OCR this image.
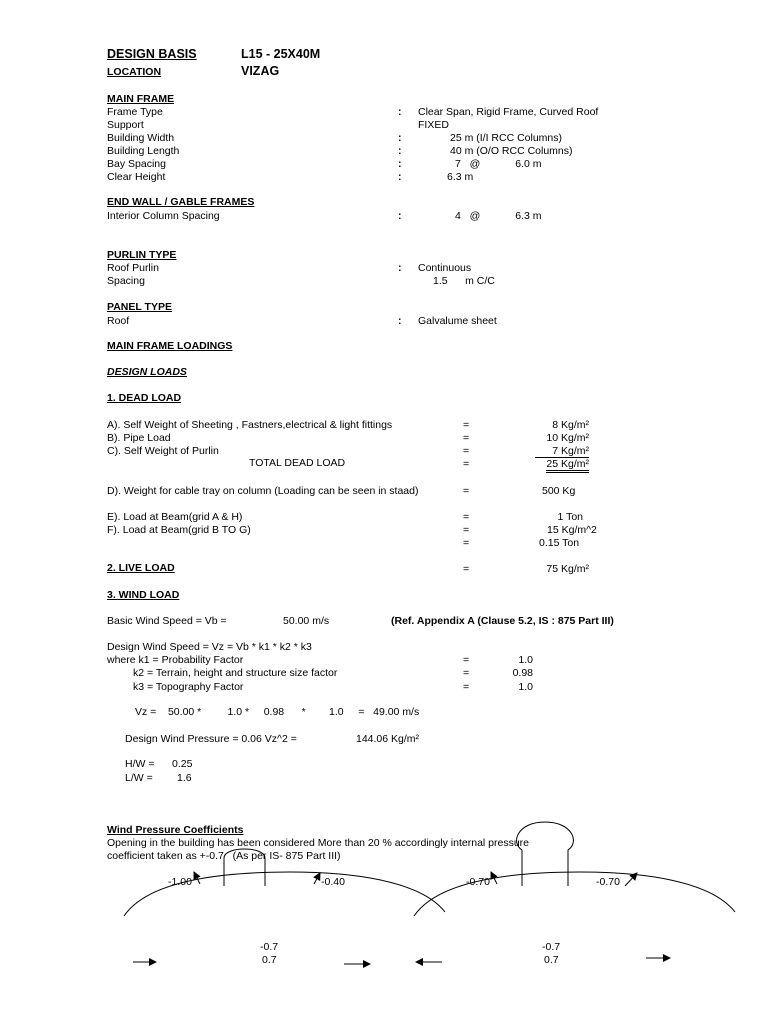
DESIGN BASIS	L15 - 25X40M
LOCATION	VIZAG
MAIN FRAME
Frame Type	: Clear Span, Rigid Frame, Curved Roof
Support	FIXED
Building Width	:	25 m (I/I RCC Columns)
Building Length	:	40 m (O/O RCC Columns)
Bay Spacing	:	7   @            6.0 m
Clear Height	:	6.3 m
END WALL / GABLE FRAMES
Interior Column Spacing	:	4   @            6.3 m
PURLIN TYPE
Roof Purlin	: Continuous
Spacing	1.5      m C/C
PANEL TYPE
Roof	: Galvalume sheet
MAIN FRAME LOADINGS
DESIGN LOADS
1. DEAD LOAD
A). Self Weight of Sheeting , Fastners,electrical & light fittings	=	8 Kg/m²
B). Pipe Load	=	10 Kg/m²
C). Self Weight of Purlin	=	7 Kg/m²
TOTAL DEAD LOAD	=	25 Kg/m²
D). Weight for cable tray on column (Loading can be seen in staad)	=	500 Kg
E). Load at Beam(grid A & H)	=	1 Ton
F). Load at Beam(grid B TO G)	=	15 Kg/m^2
=	0.15 Ton
2. LIVE LOAD	=	75 Kg/m²
3. WIND LOAD
Basic Wind Speed = Vb =	50.00 m/s	(Ref. Appendix A (Clause 5.2, IS : 875 Part III)
Design Wind Speed = Vz = Vb * k1 * k2 * k3
where k1 = Probability Factor	=	1.0
k2 = Terrain, height and structure size factor	=	0.98
k3 = Topography Factor	=	1.0
Vz =    50.00 *         1.0 *     0.98      *        1.0     =   49.00 m/s
Design Wind Pressure = 0.06 Vz^2 =	144.06 Kg/m²
H/W = 0.25
L/W = 1.6
Wind Pressure Coefficients
Opening in the building has been considered More than 20 % accordingly internal pressure
coefficient taken as +-0.7   (As per IS- 875 Part III)
-1.00	-0.40	-0.70	-0.70
-0.7
0.7
-0.7
0.7
